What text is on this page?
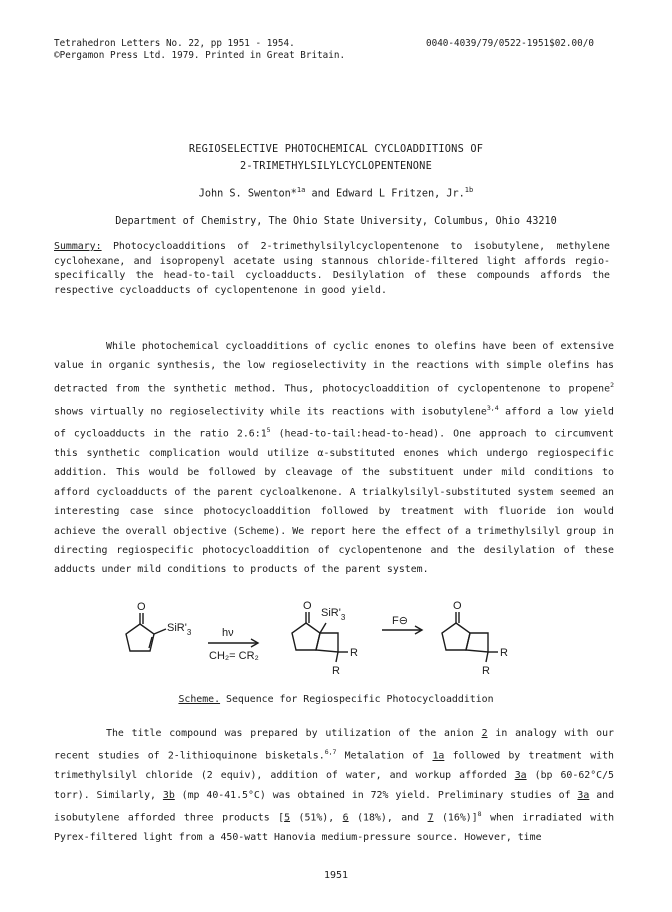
Tetrahedron Letters No. 22, pp 1951 - 1954.
©Pergamon Press Ltd. 1979. Printed in Great Britain.
0040-4039/79/0522-1951$02.00/0
REGIOSELECTIVE PHOTOCHEMICAL CYCLOADDITIONS OF
2-TRIMETHYLSILYLCYCLOPENTENONE
John S. Swenton*$^{1a}$ and Edward L Fritzen, Jr.$^{1b}$
Department of Chemistry, The Ohio State University, Columbus, Ohio 43210
Summary: Photocycloadditions of 2-trimethylsilylcyclopentenone to isobutylene, methylene cyclohexane, and isopropenyl acetate using stannous chloride-filtered light affords regio-specifically the head-to-tail cycloadducts. Desilylation of these compounds affords the respective cycloadducts of cyclopentenone in good yield.

While photochemical cycloadditions of cyclic enones to olefins have been of extensive value in organic synthesis, the low regioselectivity in the reactions with simple olefins has detracted from the synthetic method. Thus, photocycloaddition of cyclopentenone to propene$^2$ shows virtually no regioselectivity while its reactions with isobutylene$^{3,4}$ afford a low yield of cycloadducts in the ratio $2.6:1^5$ (head-to-tail:head-to-head). One approach to circumvent this synthetic complication would utilize α-substituted enones which undergo regiospecific addition. This would be followed by cleavage of the substituent under mild conditions to afford cycloadducts of the parent cycloalkenone. A trialkylsilyl-substituted system seemed an interesting case since photocycloaddition followed by treatment with fluoride ion would achieve the overall objective (Scheme). We report here the effect of a trimethylsilyl group in directing regiospecific photocycloaddition of cyclopentenone and the desilylation of these adducts under mild conditions to products of the parent system.

O
$SiR'_3$	hν
CH₂= CR₂
O
$SiR'_3$
R
R
F⊖
O
R
R
Scheme. Sequence for Regiospecific Photocycloaddition

The title compound was prepared by utilization of the anion 2 in analogy with our recent studies of 2-lithioquinone bisketals.$^{6,7}$ Metalation of 1a followed by treatment with trimethylsilyl chloride (2 equiv), addition of water, and workup afforded 3a (bp 60-62°C/5 torr). Similarly, 3b (mp 40-41.5°C) was obtained in 72% yield. Preliminary studies of 3a and isobutylene afforded three products [5 (51%), 6 (18%), and 7 (16%)]$^8$ when irradiated with Pyrex-filtered light from a 450-watt Hanovia medium-pressure source. However, time

1951
